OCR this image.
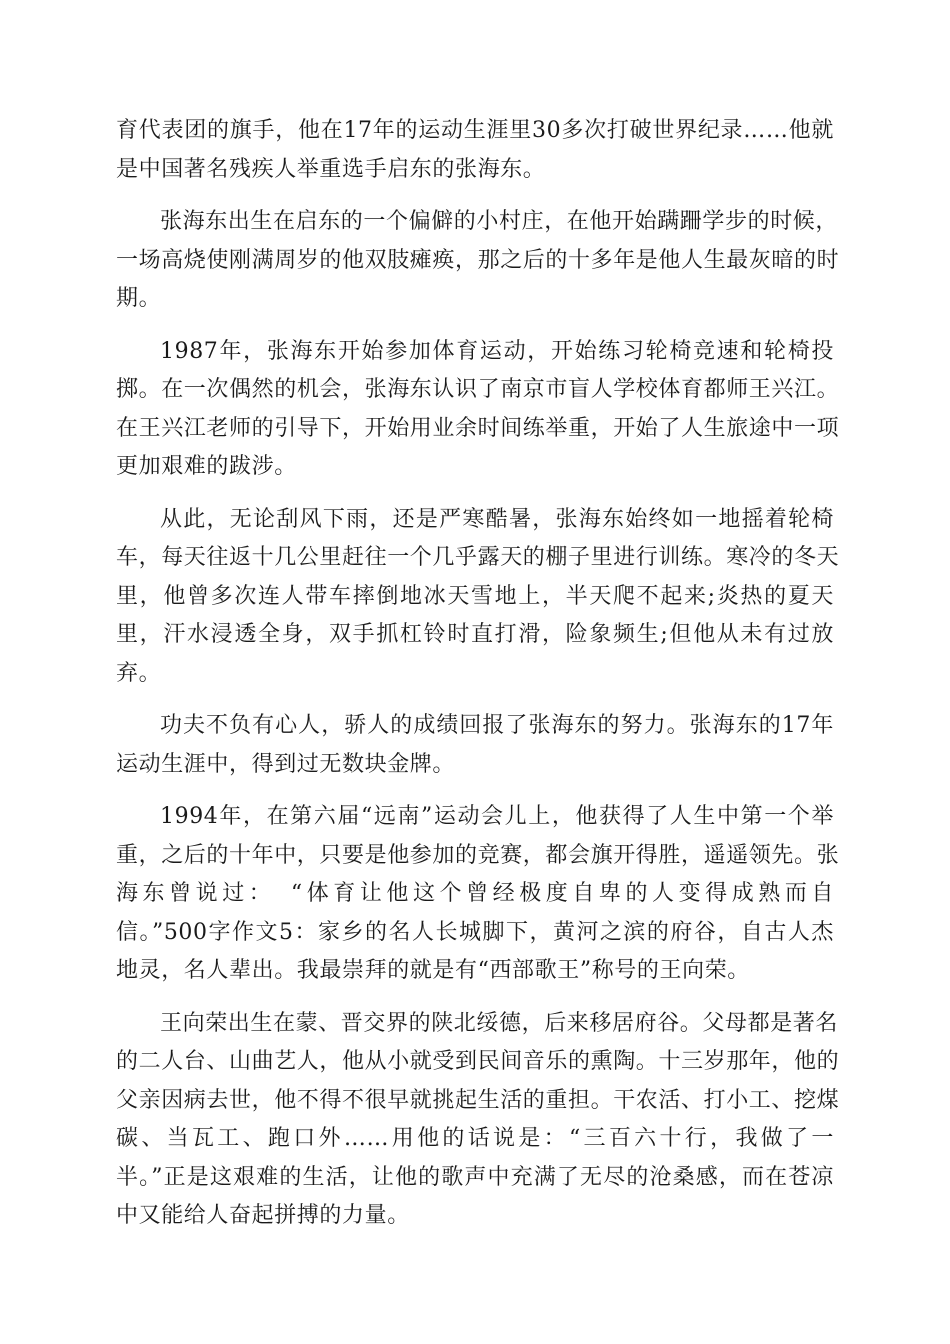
育代表团的旗手，他在17年的运动生涯里30多次打破世界纪录……他就
是中国著名残疾人举重选手启东的张海东。

张海东出生在启东的一个偏僻的小村庄，在他开始蹒跚学步的时候，
一场高烧使刚满周岁的他双肢瘫痪，那之后的十多年是他人生最灰暗的时
期。

1987年，张海东开始参加体育运动，开始练习轮椅竞速和轮椅投
掷。在一次偶然的机会，张海东认识了南京市盲人学校体育都师王兴江。
在王兴江老师的引导下，开始用业余时间练举重，开始了人生旅途中一项
更加艰难的跋涉。

从此，无论刮风下雨，还是严寒酷暑，张海东始终如一地摇着轮椅
车，每天往返十几公里赶往一个几乎露天的棚子里进行训练。寒冷的冬天
里，他曾多次连人带车摔倒地冰天雪地上，半天爬不起来;炎热的夏天
里，汗水浸透全身，双手抓杠铃时直打滑，险象频生;但他从未有过放
弃。

功夫不负有心人，骄人的成绩回报了张海东的努力。张海东的17年
运动生涯中，得到过无数块金牌。

1994年，在第六届“远南”运动会儿上，他获得了人生中第一个举
重，之后的十年中，只要是他参加的竞赛，都会旗开得胜，遥遥领先。张
海东曾说过：　“体育让他这个曾经极度自卑的人变得成熟而自
信。”500字作文5：家乡的名人长城脚下，黄河之滨的府谷，自古人杰
地灵，名人辈出。我最崇拜的就是有“西部歌王”称号的王向荣。

王向荣出生在蒙、晋交界的陕北绥德，后来移居府谷。父母都是著名
的二人台、山曲艺人，他从小就受到民间音乐的熏陶。十三岁那年，他的
父亲因病去世，他不得不很早就挑起生活的重担。干农活、打小工、挖煤
碳、当瓦工、跑口外……用他的话说是：“三百六十行，我做了一
半。”正是这艰难的生活，让他的歌声中充满了无尽的沧桑感，而在苍凉
中又能给人奋起拼搏的力量。
